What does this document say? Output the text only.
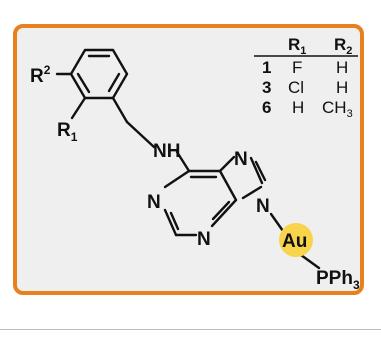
$R^2$
$R_1$
NH	N
N
N
N
Au
PPh$_3$
$R_1$ $R_2$
1 F H
3 Cl H
6 H $CH_3$
